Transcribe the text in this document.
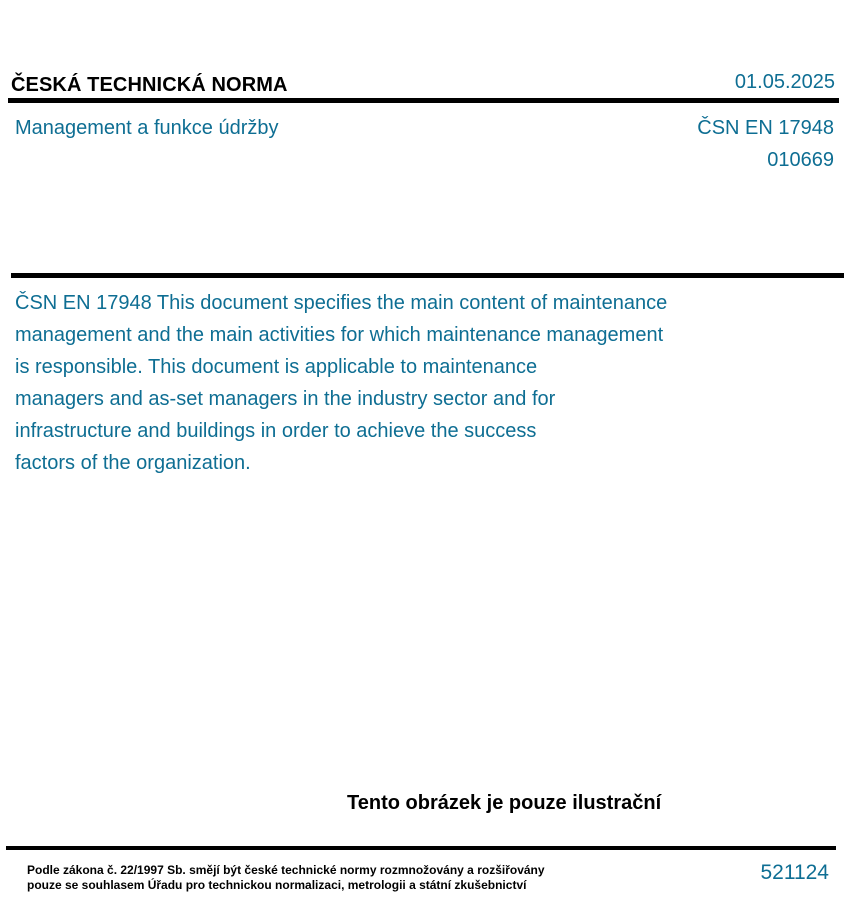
ČESKÁ TECHNICKÁ NORMA	01.05.2025
Management a funkce údržby	ČSN EN 17948
010669
ČSN EN 17948 This document specifies the main content of maintenance
management and the main activities for which maintenance management
is responsible. This document is applicable to maintenance
managers and as-set managers in the industry sector and for
infrastructure and buildings in order to achieve the success
factors of the organization.
Tento obrázek je pouze ilustrační
Podle zákona č. 22/1997 Sb. smějí být české technické normy rozmnožovány a rozšiřovány
pouze se souhlasem Úřadu pro technickou normalizaci, metrologii a státní zkušebnictví
521124
